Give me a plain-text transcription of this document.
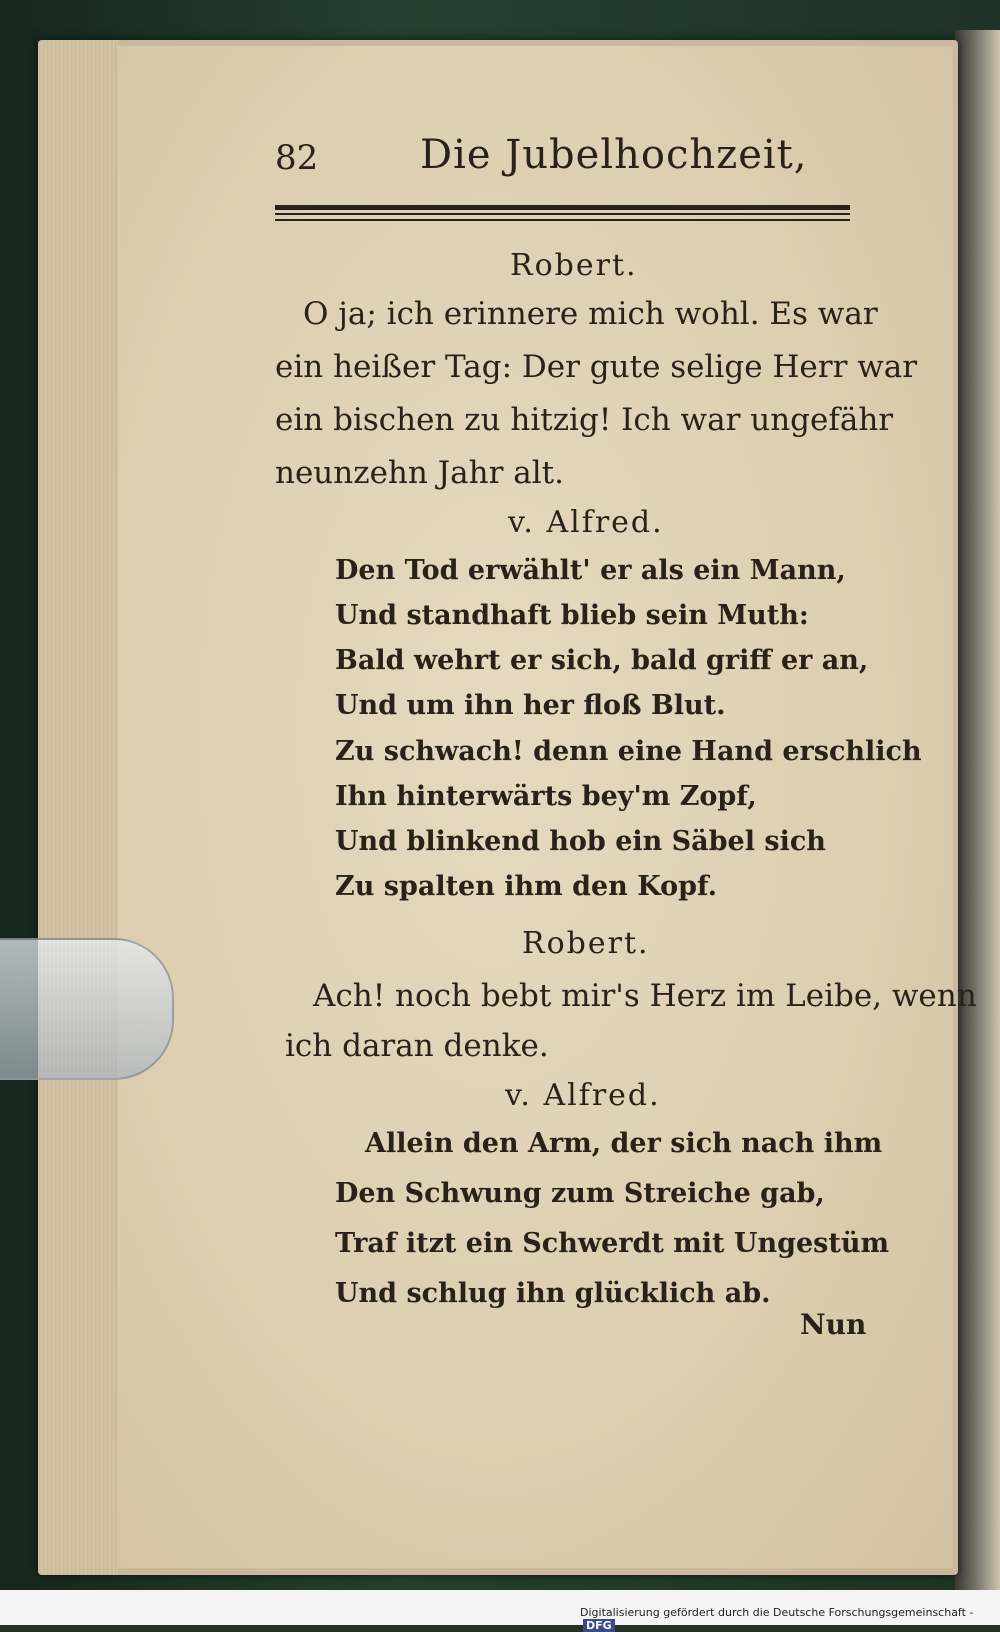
82	Die Jubelhochzeit,
Robert.
O ja; ich erinnere mich wohl. Es war
ein heißer Tag: Der gute selige Herr war
ein bischen zu hitzig! Ich war ungefähr
neunzehn Jahr alt.
v. Alfred.
Den Tod erwählt' er als ein Mann,
Und standhaft blieb sein Muth:
Bald wehrt er sich, bald griff er an,
Und um ihn her floß Blut.
Zu schwach! denn eine Hand erschlich
Ihn hinterwärts bey'm Zopf,
Und blinkend hob ein Säbel sich
Zu spalten ihm den Kopf.
Robert.
Ach! noch bebt mir's Herz im Leibe, wenn
ich daran denke.
v. Alfred.
Allein den Arm, der sich nach ihm
Den Schwung zum Streiche gab,
Traf itzt ein Schwerdt mit Ungestüm
Und schlug ihn glücklich ab.
Nun
Digitalisierung gefördert durch die Deutsche Forschungsgemeinschaft - DFG
